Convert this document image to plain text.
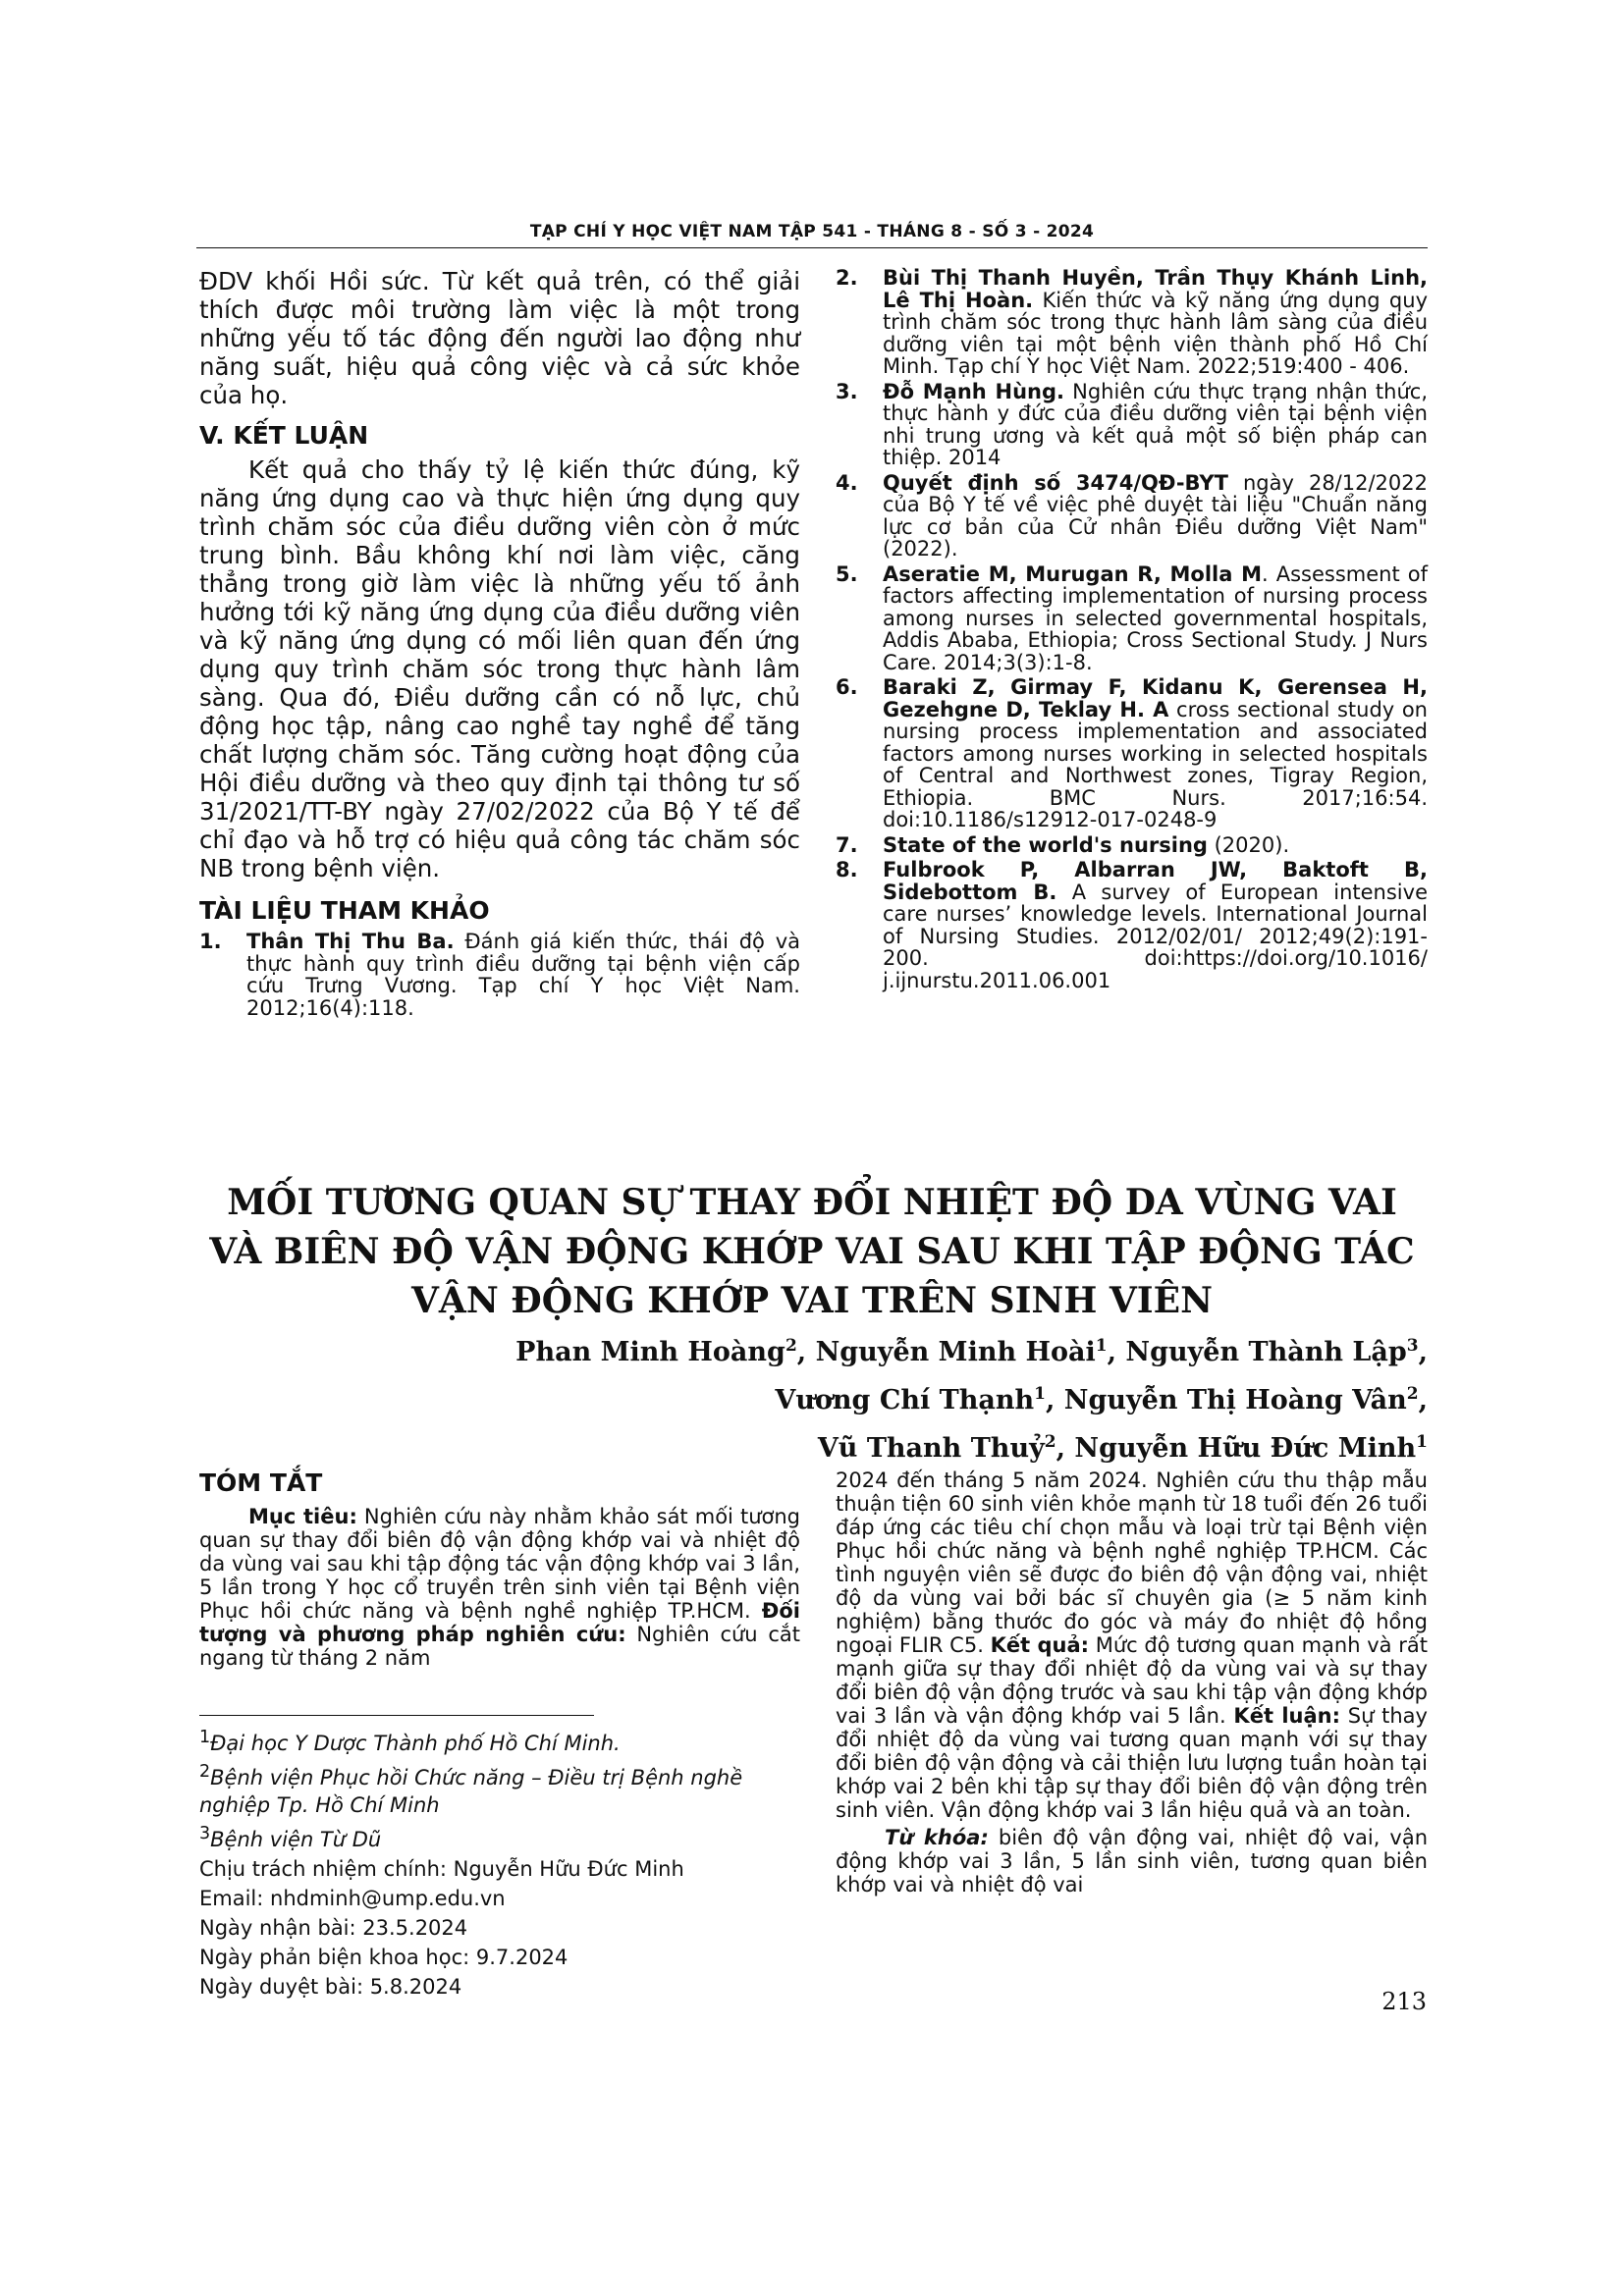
TẠP CHÍ Y HỌC VIỆT NAM TẬP 541 - THÁNG 8 - SỐ 3 - 2024

ĐDV khối Hồi sức. Từ kết quả trên, có thể giải thích được môi trường làm việc là một trong những yếu tố tác động đến người lao động như năng suất, hiệu quả công việc và cả sức khỏe của họ.

V. KẾT LUẬN

Kết quả cho thấy tỷ lệ kiến thức đúng, kỹ năng ứng dụng cao và thực hiện ứng dụng quy trình chăm sóc của điều dưỡng viên còn ở mức trung bình. Bầu không khí nơi làm việc, căng thẳng trong giờ làm việc là những yếu tố ảnh hưởng tới kỹ năng ứng dụng của điều dưỡng viên và kỹ năng ứng dụng có mối liên quan đến ứng dụng quy trình chăm sóc trong thực hành lâm sàng. Qua đó, Điều dưỡng cần có nỗ lực, chủ động học tập, nâng cao nghề tay nghề để tăng chất lượng chăm sóc. Tăng cường hoạt động của Hội điều dưỡng và theo quy định tại thông tư số 31/2021/TT-BY ngày 27/02/2022 của Bộ Y tế để chỉ đạo và hỗ trợ có hiệu quả công tác chăm sóc NB trong bệnh viện.

TÀI LIỆU THAM KHẢO
1. Thân Thị Thu Ba. Đánh giá kiến thức, thái độ và thực hành quy trình điều dưỡng tại bệnh viện cấp cứu Trưng Vương. Tạp chí Y học Việt Nam. 2012;16(4):118.
2. Bùi Thị Thanh Huyền, Trần Thụy Khánh Linh, Lê Thị Hoàn. Kiến thức và kỹ năng ứng dụng quy trình chăm sóc trong thực hành lâm sàng của điều dưỡng viên tại một bệnh viện thành phố Hồ Chí Minh. Tạp chí Y học Việt Nam. 2022;519:400 - 406.
3. Đỗ Mạnh Hùng. Nghiên cứu thực trạng nhận thức, thực hành y đức của điều dưỡng viên tại bệnh viện nhi trung ương và kết quả một số biện pháp can thiệp. 2014
4. Quyết định số 3474/QĐ-BYT ngày 28/12/2022 của Bộ Y tế về việc phê duyệt tài liệu "Chuẩn năng lực cơ bản của Cử nhân Điều dưỡng Việt Nam" (2022).
5. Aseratie M, Murugan R, Molla M. Assessment of factors affecting implementation of nursing process among nurses in selected governmental hospitals, Addis Ababa, Ethiopia; Cross Sectional Study. J Nurs Care. 2014;3(3):1-8.
6. Baraki Z, Girmay F, Kidanu K, Gerensea H, Gezehgne D, Teklay H. A cross sectional study on nursing process implementation and associated factors among nurses working in selected hospitals of Central and Northwest zones, Tigray Region, Ethiopia. BMC Nurs. 2017;16:54. doi:10.1186/s12912-017-0248-9
7. State of the world's nursing (2020).
8. Fulbrook P, Albarran JW, Baktoft B, Sidebottom B. A survey of European intensive care nurses’ knowledge levels. International Journal of Nursing Studies. 2012/02/01/ 2012;49(2):191-200. doi:https://doi.org/10.1016/ j.ijnurstu.2011.06.001
MỐI TƯƠNG QUAN SỰ THAY ĐỔI NHIỆT ĐỘ DA VÙNG VAI
VÀ BIÊN ĐỘ VẬN ĐỘNG KHỚP VAI SAU KHI TẬP ĐỘNG TÁC
VẬN ĐỘNG KHỚP VAI TRÊN SINH VIÊN
Phan Minh Hoàng$^2$, Nguyễn Minh Hoài$^1$, Nguyễn Thành Lập$^3$,
Vương Chí Thạnh$^1$, Nguyễn Thị Hoàng Vân$^2$,
Vũ Thanh Thuỷ$^2$, Nguyễn Hữu Đức Minh$^1$
TÓM TẮT

Mục tiêu: Nghiên cứu này nhằm khảo sát mối tương quan sự thay đổi biên độ vận động khớp vai và nhiệt độ da vùng vai sau khi tập động tác vận động khớp vai 3 lần, 5 lần trong Y học cổ truyền trên sinh viên tại Bệnh viện Phục hồi chức năng và bệnh nghề nghiệp TP.HCM. Đối tượng và phương pháp nghiên cứu: Nghiên cứu cắt ngang từ tháng 2 năm

2024 đến tháng 5 năm 2024. Nghiên cứu thu thập mẫu thuận tiện 60 sinh viên khỏe mạnh từ 18 tuổi đến 26 tuổi đáp ứng các tiêu chí chọn mẫu và loại trừ tại Bệnh viện Phục hồi chức năng và bệnh nghề nghiệp TP.HCM. Các tình nguyện viên sẽ được đo biên độ vận động vai, nhiệt độ da vùng vai bởi bác sĩ chuyên gia (≥ 5 năm kinh nghiệm) bằng thước đo góc và máy đo nhiệt độ hồng ngoại FLIR C5. Kết quả: Mức độ tương quan mạnh và rất mạnh giữa sự thay đổi nhiệt độ da vùng vai và sự thay đổi biên độ vận động trước và sau khi tập vận động khớp vai 3 lần và vận động khớp vai 5 lần. Kết luận: Sự thay đổi nhiệt độ da vùng vai tương quan mạnh với sự thay đổi biên độ vận động và cải thiện lưu lượng tuần hoàn tại khớp vai 2 bên khi tập sự thay đổi biên độ vận động trên sinh viên. Vận động khớp vai 3 lần hiệu quả và an toàn.

Từ khóa: biên độ vận động vai, nhiệt độ vai, vận động khớp vai 3 lần, 5 lần sinh viên, tương quan biên khớp vai và nhiệt độ vai

$^1$Đại học Y Dược Thành phố Hồ Chí Minh.

$^2$Bệnh viện Phục hồi Chức năng – Điều trị Bệnh nghề nghiệp Tp. Hồ Chí Minh

$^3$Bệnh viện Từ Dũ

Chịu trách nhiệm chính: Nguyễn Hữu Đức Minh

Email: nhdminh@ump.edu.vn

Ngày nhận bài: 23.5.2024

Ngày phản biện khoa học: 9.7.2024

Ngày duyệt bài: 5.8.2024

213
